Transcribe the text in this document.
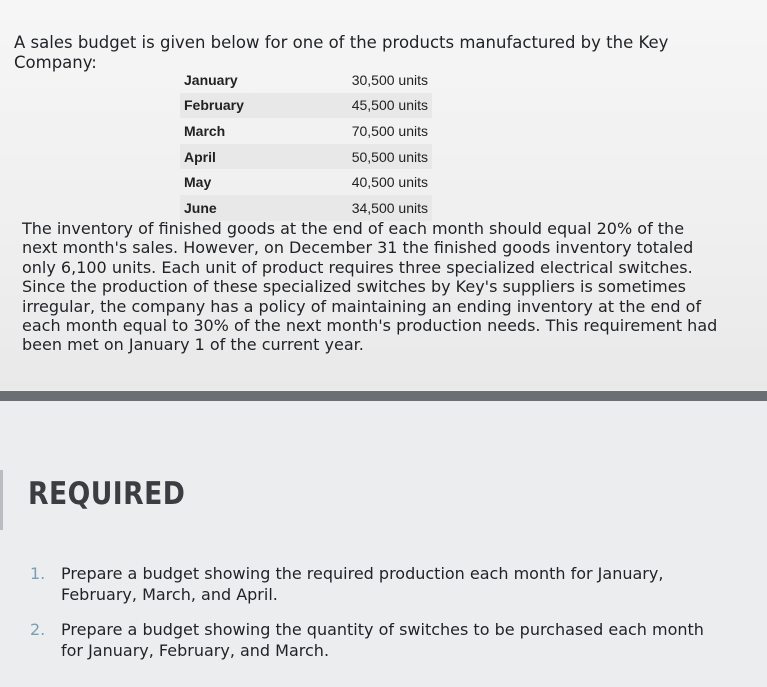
A sales budget is given below for one of the products manufactured by the Key Company:

January	30,500 units
February	45,500 units
March	70,500 units
April	50,500 units
May	40,500 units
June	34,500 units

The inventory of finished goods at the end of each month should equal 20% of the next month's sales. However, on December 31 the finished goods inventory totaled only 6,100 units. Each unit of product requires three specialized electrical switches. Since the production of these specialized switches by Key's suppliers is sometimes irregular, the company has a policy of maintaining an ending inventory at the end of each month equal to 30% of the next month's production needs. This requirement had been met on January 1 of the current year.

REQUIRED
1. Prepare a budget showing the required production each month for January, February, March, and April.
2. Prepare a budget showing the quantity of switches to be purchased each month for January, February, and March.
